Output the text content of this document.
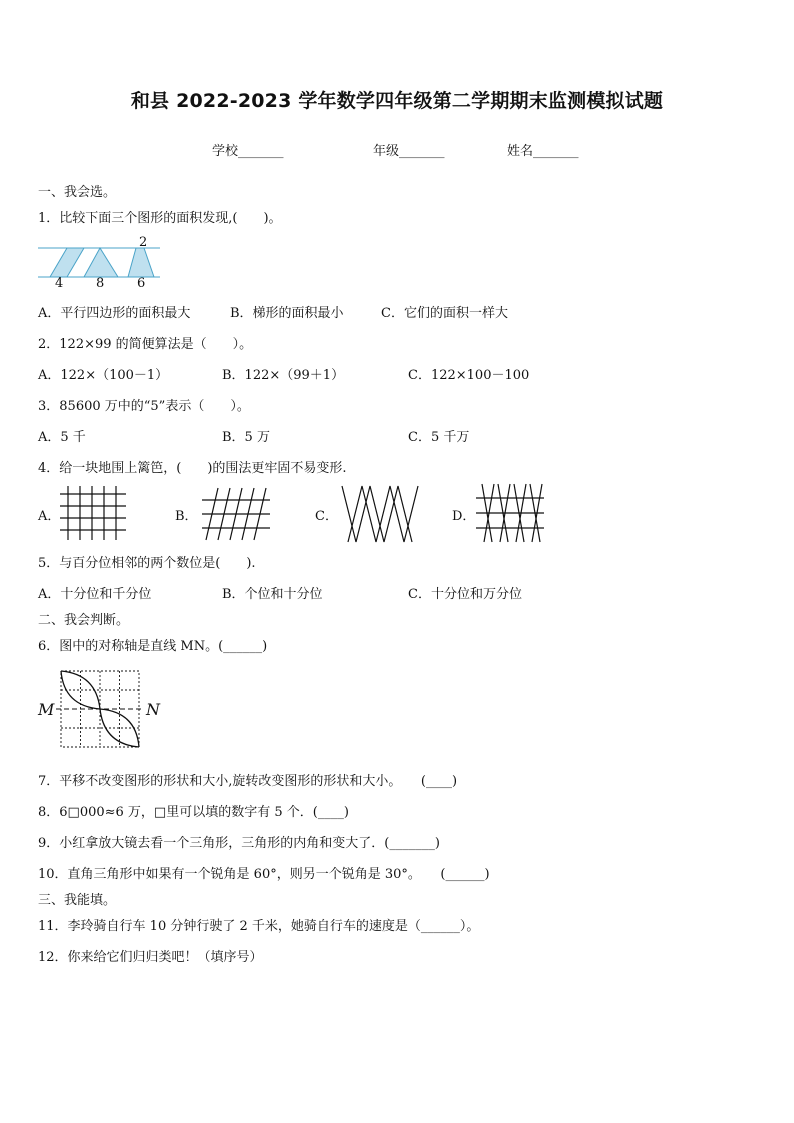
和县 2022-2023 学年数学四年级第二学期期末监测模拟试题
学校_______	年级_______	姓名_______
一、我会选。
1．比较下面三个图形的面积发现,(　　)。
4	8	6
2
A．平行四边形的面积最大	B．梯形的面积最小	C．它们的面积一样大
2．122×99 的简便算法是（　　）。
A．122×（100－1）	B．122×（99＋1）	C．122×100－100
3．85600 万中的“5”表示（　　）。
A．5 千	B．5 万	C．5 千万
4．给一块地围上篱笆，(　　)的围法更牢固不易变形.
A．	B．	C．	D．
5．与百分位相邻的两个数位是(　　).
A．十分位和千分位	B．个位和十分位	C．十分位和万分位
二、我会判断。
6．图中的对称轴是直线 MN。(______)
M	N
7．平移不改变图形的形状和大小,旋转改变图形的形状和大小。　　(____)
8．6□000≈6 万，□里可以填的数字有 5 个．(____)
9．小红拿放大镜去看一个三角形，三角形的内角和变大了．(_______)
10．直角三角形中如果有一个锐角是 60°，则另一个锐角是 30°。　　(______)
三、我能填。
11．李玲骑自行车 10 分钟行驶了 2 千米，她骑自行车的速度是（______）。
12．你来给它们归归类吧！（填序号）
